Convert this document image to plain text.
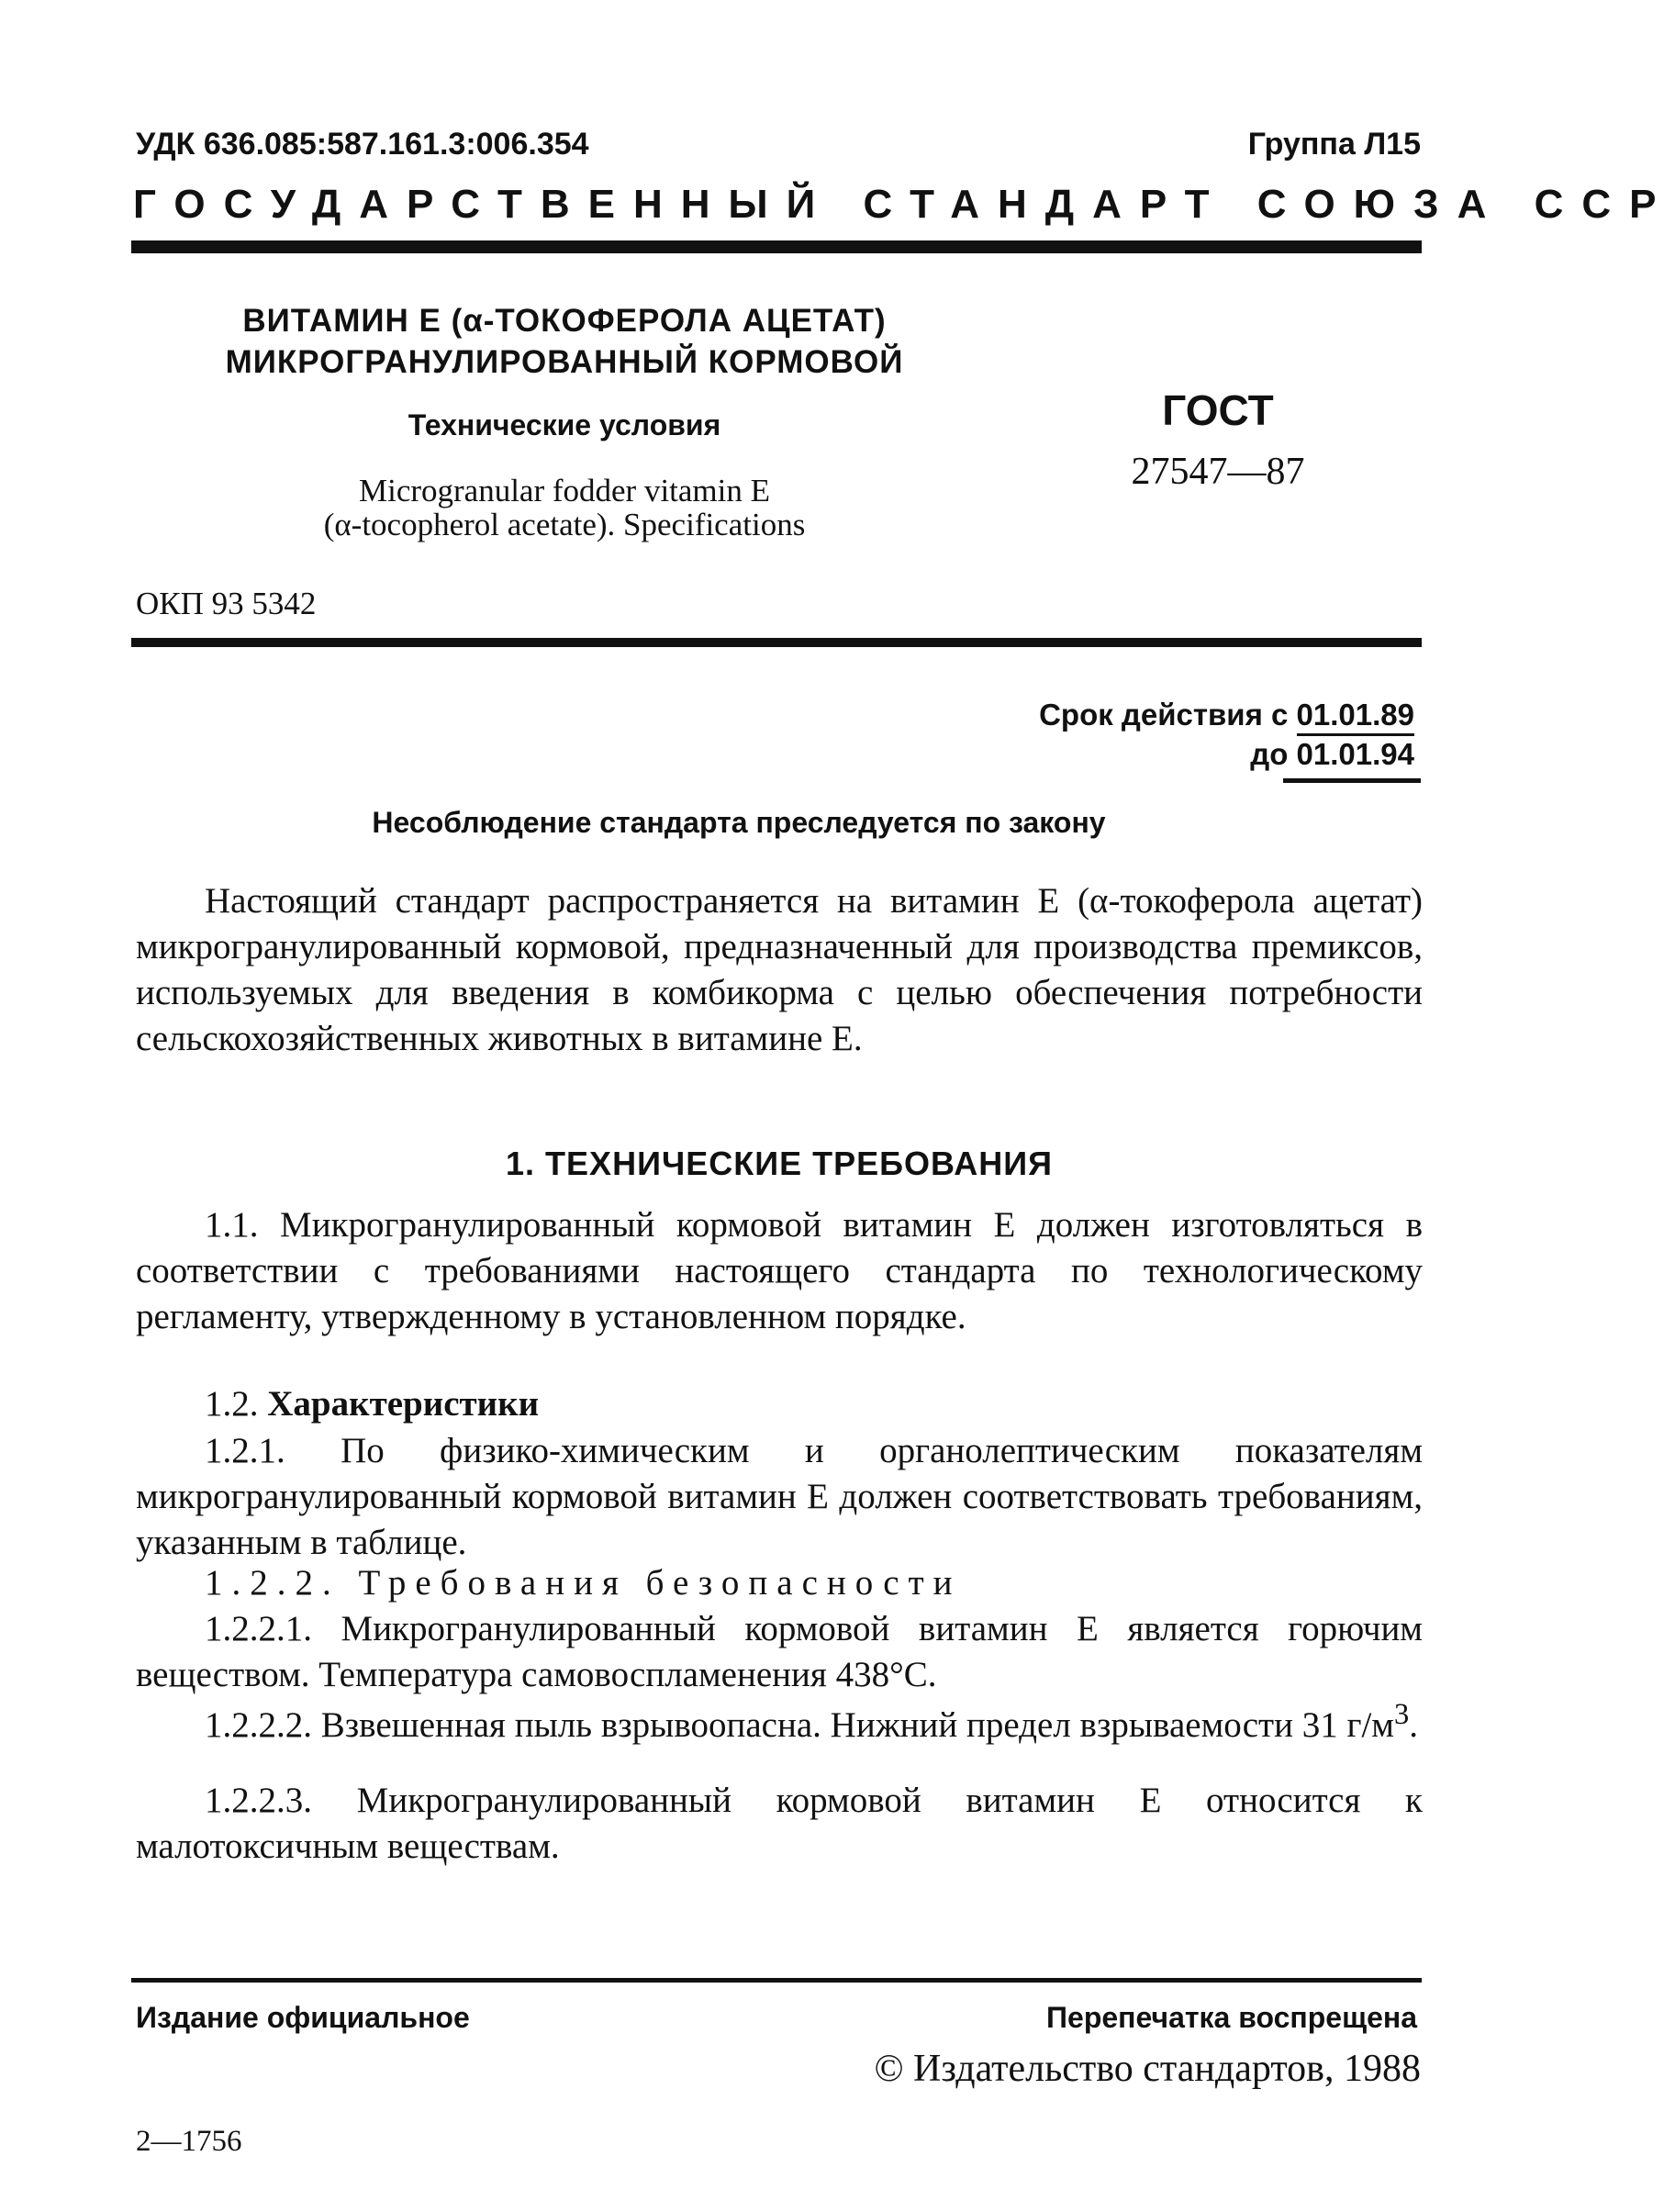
УДК 636.085:587.161.3:006.354	Группа Л15
ГОСУДАРСТВЕННЫЙ СТАНДАРТ СОЮЗА ССР
ВИТАМИН Е (α-ТОКОФЕРОЛА АЦЕТАТ)
МИКРОГРАНУЛИРОВАННЫЙ КОРМОВОЙ
Технические условия
Microgranular fodder vitamin E
(α-tocopherol acetate). Specifications
ГОСТ
27547—87
ОКП 93 5342
Срок действия с 01.01.89
до 01.01.94
Несоблюдение стандарта преследуется по закону
Настоящий стандарт распространяется на витамин Е (α-токоферола ацетат) микрогранулированный кормовой, предназначенный для производства премиксов, используемых для введения в комбикорма с целью обеспечения потребности сельскохозяйственных животных в витамине Е.
1. ТЕХНИЧЕСКИЕ ТРЕБОВАНИЯ
1.1. Микрогранулированный кормовой витамин Е должен изготовляться в соответствии с требованиями настоящего стандарта по технологическому регламенту, утвержденному в установленном порядке.
1.2. Характеристики
1.2.1. По физико-химическим и органолептическим показателям микрогранулированный кормовой витамин Е должен соответствовать требованиям, указанным в таблице.
1.2.2. Требования безопасности
1.2.2.1. Микрогранулированный кормовой витамин Е является горючим веществом. Температура самовоспламенения 438°С.
1.2.2.2. Взвешенная пыль взрывоопасна. Нижний предел взрываемости 31 $г/м^3$.
1.2.2.3. Микрогранулированный кормовой витамин Е относится к малотоксичным веществам.
Издание официальное	Перепечатка воспрещена
© Издательство стандартов, 1988
2—1756
